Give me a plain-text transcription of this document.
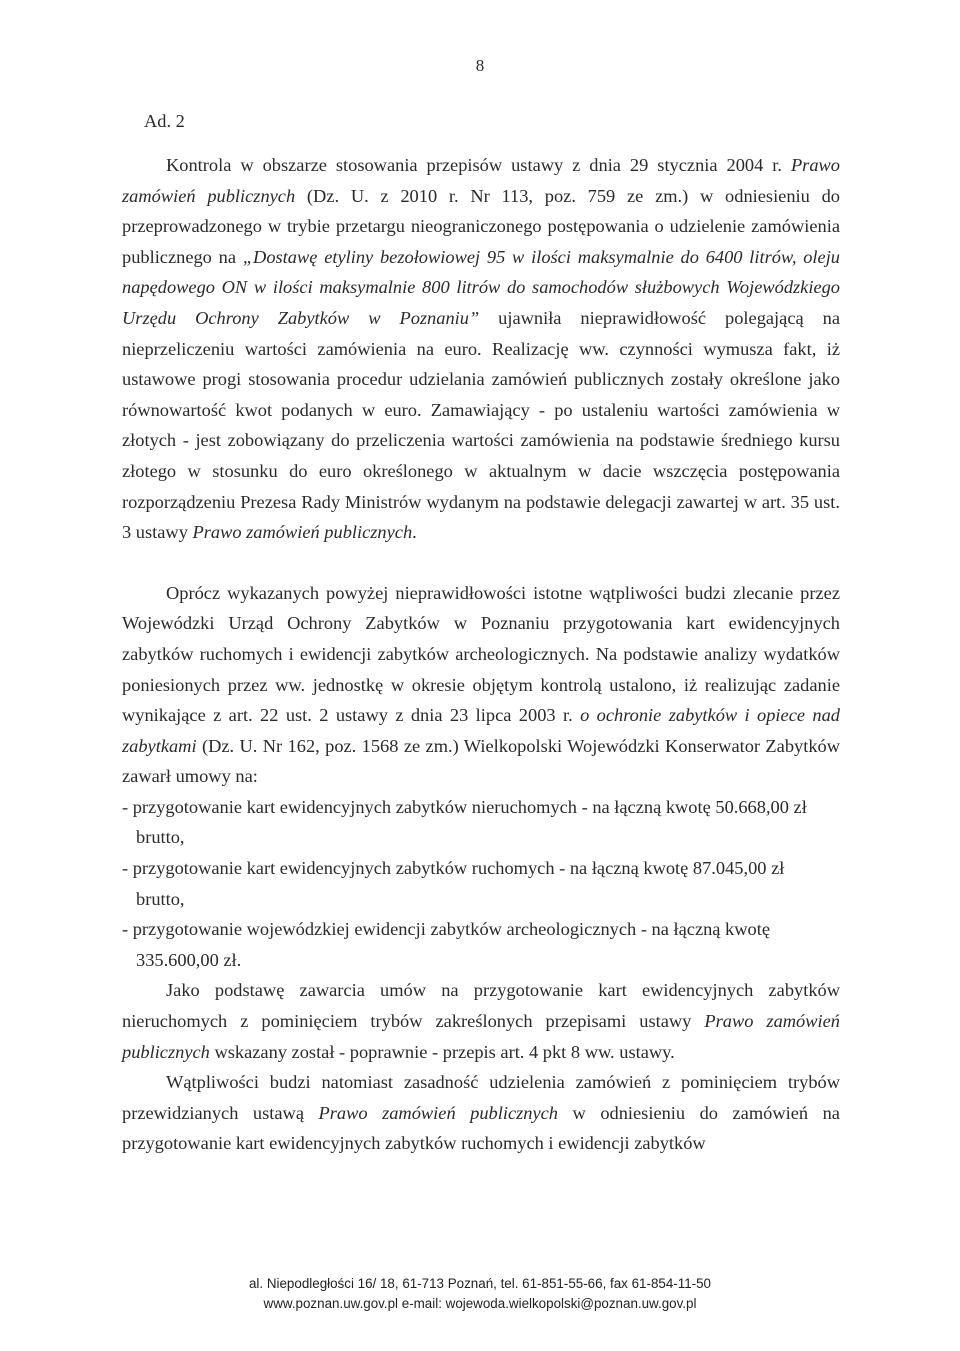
8
Ad. 2

Kontrola w obszarze stosowania przepisów ustawy z dnia 29 stycznia 2004 r. Prawo zamówień publicznych (Dz. U. z 2010 r. Nr 113, poz. 759 ze zm.) w odniesieniu do przeprowadzonego w trybie przetargu nieograniczonego postępowania o udzielenie zamówienia publicznego na „Dostawę etyliny bezołowiowej 95 w ilości maksymalnie do 6400 litrów, oleju napędowego ON w ilości maksymalnie 800 litrów do samochodów służbowych Wojewódzkiego Urzędu Ochrony Zabytków w Poznaniu” ujawniła nieprawidłowość polegającą na nieprzeliczeniu wartości zamówienia na euro. Realizację ww. czynności wymusza fakt, iż ustawowe progi stosowania procedur udzielania zamówień publicznych zostały określone jako równowartość kwot podanych w euro. Zamawiający - po ustaleniu wartości zamówienia w złotych - jest zobowiązany do przeliczenia wartości zamówienia na podstawie średniego kursu złotego w stosunku do euro określonego w aktualnym w dacie wszczęcia postępowania rozporządzeniu Prezesa Rady Ministrów wydanym na podstawie delegacji zawartej w art. 35 ust. 3 ustawy Prawo zamówień publicznych.

Oprócz wykazanych powyżej nieprawidłowości istotne wątpliwości budzi zlecanie przez Wojewódzki Urząd Ochrony Zabytków w Poznaniu przygotowania kart ewidencyjnych zabytków ruchomych i ewidencji zabytków archeologicznych. Na podstawie analizy wydatków poniesionych przez ww. jednostkę w okresie objętym kontrolą ustalono, iż realizując zadanie wynikające z art. 22 ust. 2 ustawy z dnia 23 lipca 2003 r. o ochronie zabytków i opiece nad zabytkami (Dz. U. Nr 162, poz. 1568 ze zm.) Wielkopolski Wojewódzki Konserwator Zabytków zawarł umowy na:

- przygotowanie kart ewidencyjnych zabytków nieruchomych - na łączną kwotę 50.668,00 zł
brutto,
- przygotowanie kart ewidencyjnych zabytków ruchomych - na łączną kwotę 87.045,00 zł
brutto,
- przygotowanie wojewódzkiej ewidencji zabytków archeologicznych - na łączną kwotę
335.600,00 zł.

Jako podstawę zawarcia umów na przygotowanie kart ewidencyjnych zabytków nieruchomych z pominięciem trybów zakreślonych przepisami ustawy Prawo zamówień publicznych wskazany został - poprawnie - przepis art. 4 pkt 8 ww. ustawy.

Wątpliwości budzi natomiast zasadność udzielenia zamówień z pominięciem trybów przewidzianych ustawą Prawo zamówień publicznych w odniesieniu do zamówień na przygotowanie kart ewidencyjnych zabytków ruchomych i ewidencji zabytków

al. Niepodległości 16/ 18, 61-713 Poznań, tel. 61-851-55-66, fax 61-854-11-50
www.poznan.uw.gov.pl e-mail: wojewoda.wielkopolski@poznan.uw.gov.pl
